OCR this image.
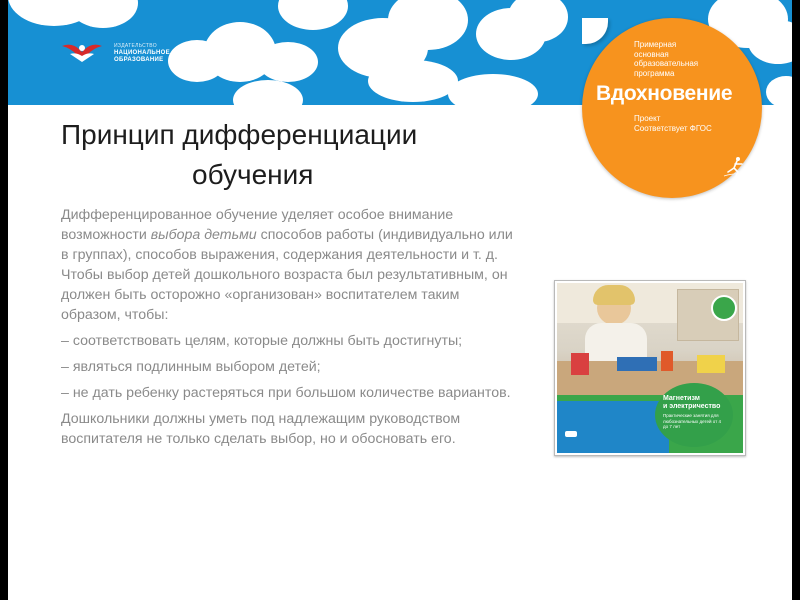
ИЗДАТЕЛЬСТВО
НАЦИОНАЛЬНОЕ
ОБРАЗОВАНИЕ
Примерная
основная
образовательная
программа
Вдохновение
Проект
Соответствует ФГОС
Принцип дифференциации
обучения

Дифференцированное обучение уделяет особое внимание возможности выбора детьми способов работы (индивидуально или в группах), способов выражения, содержания деятельности и т. д. Чтобы выбор детей дошкольного возраста был результативным, он должен быть осторожно «организован» воспитателем таким образом, чтобы:

– соответствовать целям, которые должны быть достигнуты;

– являться подлинным выбором детей;

– не дать ребенку растеряться при большом количестве вариантов.

Дошкольники должны уметь под надлежащим руководством воспитателя не только сделать выбор, но и обосновать его.

Магнетизм
и электричество
Практические занятия для любознательных детей от 4 до 7 лет
